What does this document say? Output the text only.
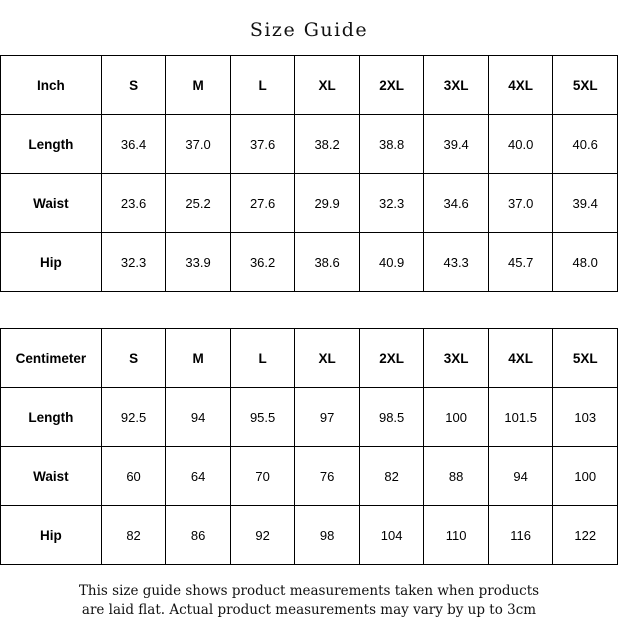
Size Guide
Inch	S	M	L	XL	2XL	3XL	4XL	5XL
Length	36.4	37.0	37.6	38.2	38.8	39.4	40.0	40.6
Waist	23.6	25.2	27.6	29.9	32.3	34.6	37.0	39.4
Hip	32.3	33.9	36.2	38.6	40.9	43.3	45.7	48.0
Centimeter	S	M	L	XL	2XL	3XL	4XL	5XL
Length	92.5	94	95.5	97	98.5	100	101.5	103
Waist	60	64	70	76	82	88	94	100
Hip	82	86	92	98	104	110	116	122
This size guide shows product measurements taken when products
are laid flat. Actual product measurements may vary by up to 3cm
